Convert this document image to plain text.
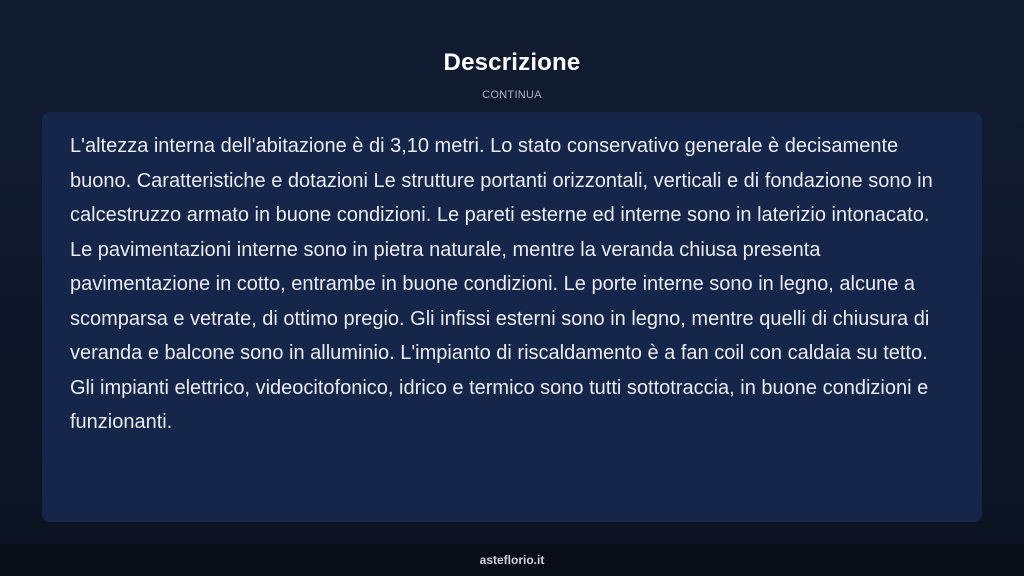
Descrizione
CONTINUA

L'altezza interna dell'abitazione è di 3,10 metri. Lo stato conservativo generale è decisamente buono. Caratteristiche e dotazioni Le strutture portanti orizzontali, verticali e di fondazione sono in calcestruzzo armato in buone condizioni. Le pareti esterne ed interne sono in laterizio intonacato. Le pavimentazioni interne sono in pietra naturale, mentre la veranda chiusa presenta pavimentazione in cotto, entrambe in buone condizioni. Le porte interne sono in legno, alcune a scomparsa e vetrate, di ottimo pregio. Gli infissi esterni sono in legno, mentre quelli di chiusura di veranda e balcone sono in alluminio. L'impianto di riscaldamento è a fan coil con caldaia su tetto. Gli impianti elettrico, videocitofonico, idrico e termico sono tutti sottotraccia, in buone condizioni e funzionanti.

asteflorio.it
